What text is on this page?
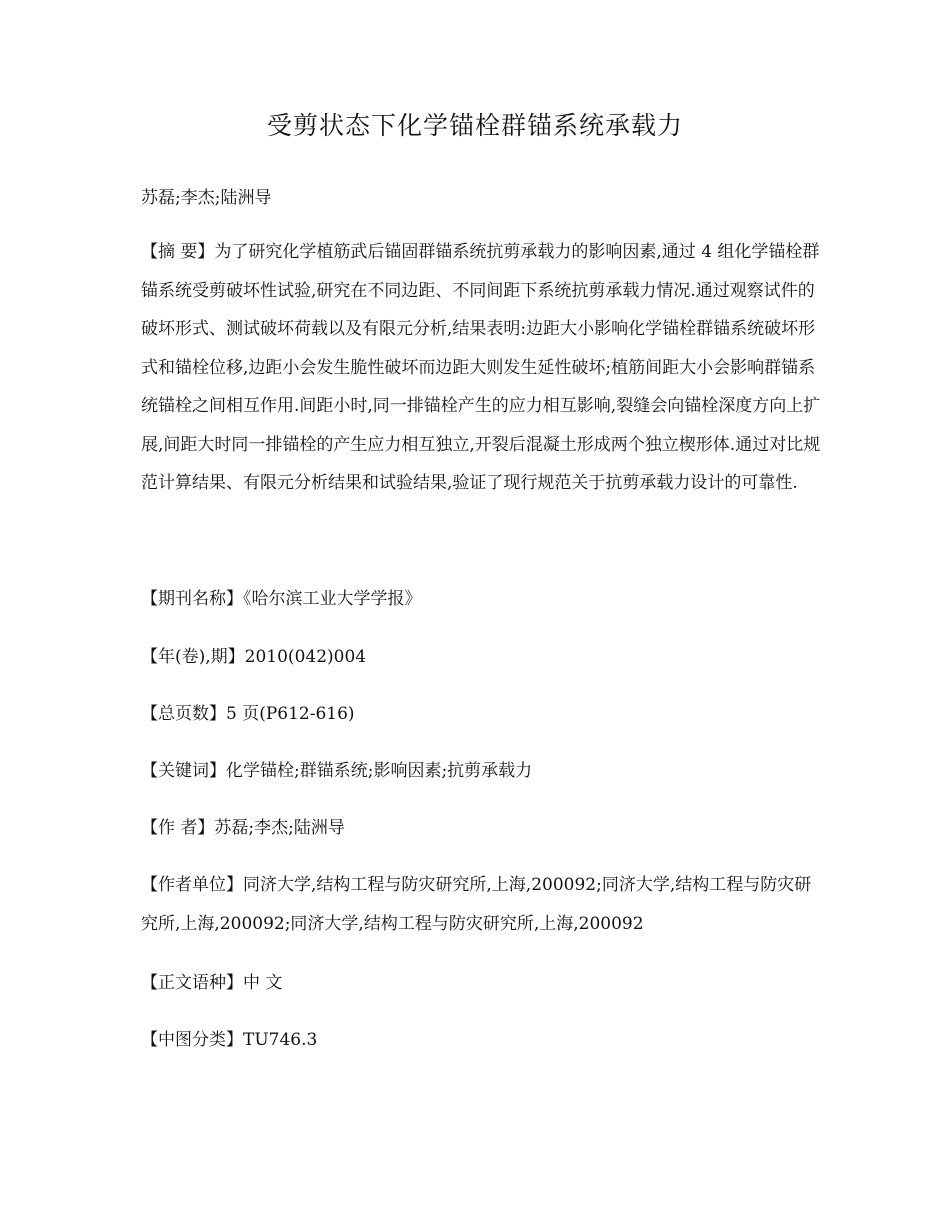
受剪状态下化学锚栓群锚系统承载力
苏磊;李杰;陆洲导

【摘 要】为了研究化学植筋武后锚固群锚系统抗剪承载力的影响因素,通过 4 组化学锚栓群锚系统受剪破坏性试验,研究在不同边距、不同间距下系统抗剪承载力情况.通过观察试件的破坏形式、测试破坏荷载以及有限元分析,结果表明:边距大小影响化学锚栓群锚系统破坏形式和锚栓位移,边距小会发生脆性破坏而边距大则发生延性破坏;植筋间距大小会影响群锚系统锚栓之间相互作用.间距小时,同一排锚栓产生的应力相互影响,裂缝会向锚栓深度方向上扩展,间距大时同一排锚栓的产生应力相互独立,开裂后混凝土形成两个独立楔形体.通过对比规范计算结果、有限元分析结果和试验结果,验证了现行规范关于抗剪承载力设计的可靠性.

【期刊名称】《哈尔滨工业大学学报》

【年(卷),期】2010(042)004

【总页数】5 页(P612-616)

【关键词】化学锚栓;群锚系统;影响因素;抗剪承载力

【作 者】苏磊;李杰;陆洲导

【作者单位】同济大学,结构工程与防灾研究所,上海,200092;同济大学,结构工程与防灾研究所,上海,200092;同济大学,结构工程与防灾研究所,上海,200092

【正文语种】中 文

【中图分类】TU746.3
